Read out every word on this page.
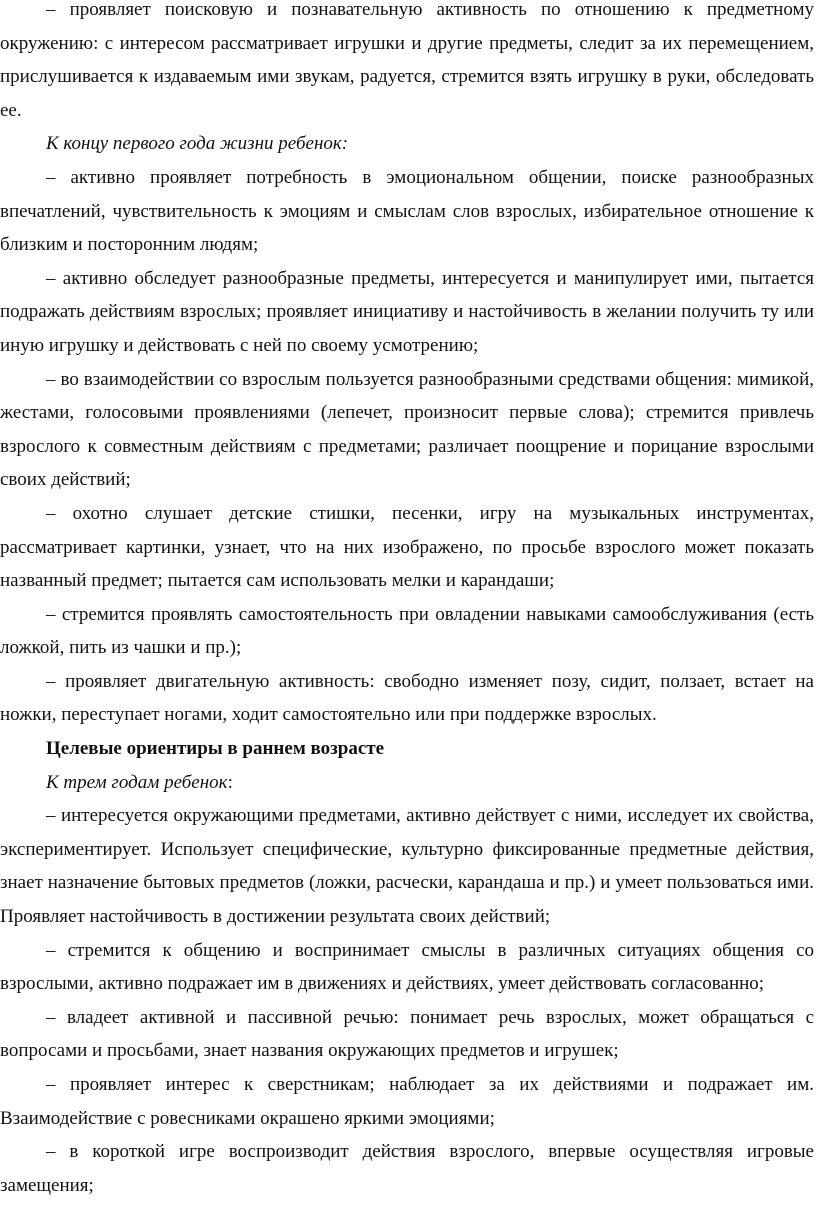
– проявляет поисковую и познавательную активность по отношению к предметному окружению: с интересом рассматривает игрушки и другие предметы, следит за их перемещением, прислушивается к издаваемым ими звукам, радуется, стремится взять игрушку в руки, обследовать ее.

К концу первого года жизни ребенок:

– активно проявляет потребность в эмоциональном общении, поиске разнообразных впечатлений, чувствительность к эмоциям и смыслам слов взрослых, избирательное отношение к близким и посторонним людям;

– активно обследует разнообразные предметы, интересуется и манипулирует ими, пытается подражать действиям взрослых; проявляет инициативу и настойчивость в желании получить ту или иную игрушку и действовать с ней по своему усмотрению;

– во взаимодействии со взрослым пользуется разнообразными средствами общения: мимикой, жестами, голосовыми проявлениями (лепечет, произносит первые слова); стремится привлечь взрослого к совместным действиям с предметами; различает поощрение и порицание взрослыми своих действий;

– охотно слушает детские стишки, песенки, игру на музыкальных инструментах, рассматривает картинки, узнает, что на них изображено, по просьбе взрослого может показать названный предмет; пытается сам использовать мелки и карандаши;

– стремится проявлять самостоятельность при овладении навыками самообслуживания (есть ложкой, пить из чашки и пр.);

– проявляет двигательную активность: свободно изменяет позу, сидит, ползает, встает на ножки, переступает ногами, ходит самостоятельно или при поддержке взрослых.

Целевые ориентиры в раннем возрасте

К трем годам ребенок:

– интересуется окружающими предметами, активно действует с ними, исследует их свойства, экспериментирует. Использует специфические, культурно фиксированные предметные действия, знает назначение бытовых предметов (ложки, расчески, карандаша и пр.) и умеет пользоваться ими. Проявляет настойчивость в достижении результата своих действий;

– стремится к общению и воспринимает смыслы в различных ситуациях общения со взрослыми, активно подражает им в движениях и действиях, умеет действовать согласованно;

– владеет активной и пассивной речью: понимает речь взрослых, может обращаться с вопросами и просьбами, знает названия окружающих предметов и игрушек;

– проявляет интерес к сверстникам; наблюдает за их действиями и подражает им. Взаимодействие с ровесниками окрашено яркими эмоциями;

– в короткой игре воспроизводит действия взрослого, впервые осуществляя игровые замещения;
